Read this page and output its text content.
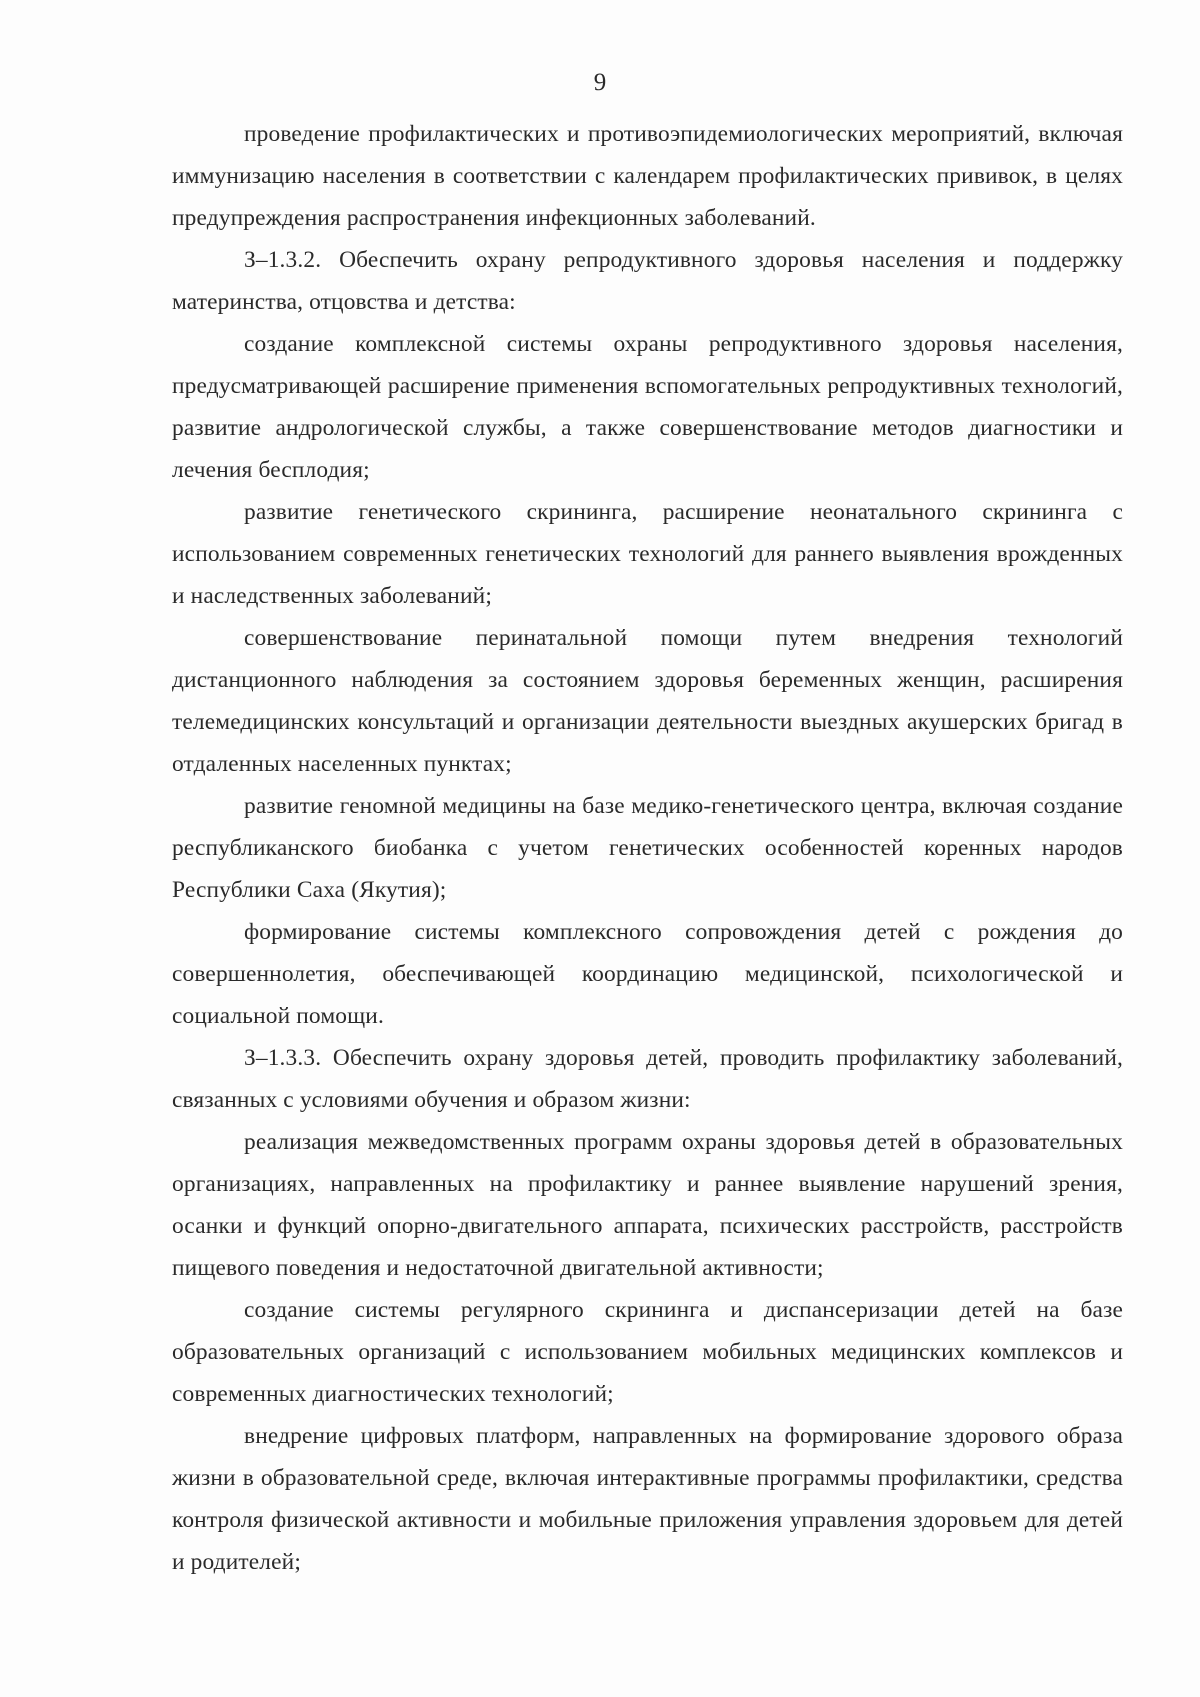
9

проведение профилактических и противоэпидемиологических мероприятий, включая иммунизацию населения в соответствии с календарем профилактических прививок, в целях предупреждения распространения инфекционных заболеваний.

З–1.3.2. Обеспечить охрану репродуктивного здоровья населения и поддержку материнства, отцовства и детства:

создание комплексной системы охраны репродуктивного здоровья населения, предусматривающей расширение применения вспомогательных репродуктивных технологий, развитие андрологической службы, а также совершенствование методов диагностики и лечения бесплодия;

развитие генетического скрининга, расширение неонатального скрининга с использованием современных генетических технологий для раннего выявления врожденных и наследственных заболеваний;

совершенствование перинатальной помощи путем внедрения технологий дистанционного наблюдения за состоянием здоровья беременных женщин, расширения телемедицинских консультаций и организации деятельности выездных акушерских бригад в отдаленных населенных пунктах;

развитие геномной медицины на базе медико-генетического центра, включая создание республиканского биобанка с учетом генетических особенностей коренных народов Республики Саха (Якутия);

формирование системы комплексного сопровождения детей с рождения до совершеннолетия, обеспечивающей координацию медицинской, психологической и социальной помощи.

З–1.3.3. Обеспечить охрану здоровья детей, проводить профилактику заболеваний, связанных с условиями обучения и образом жизни:

реализация межведомственных программ охраны здоровья детей в образовательных организациях, направленных на профилактику и раннее выявление нарушений зрения, осанки и функций опорно-двигательного аппарата, психических расстройств, расстройств пищевого поведения и недостаточной двигательной активности;

создание системы регулярного скрининга и диспансеризации детей на базе образовательных организаций с использованием мобильных медицинских комплексов и современных диагностических технологий;

внедрение цифровых платформ, направленных на формирование здорового образа жизни в образовательной среде, включая интерактивные программы профилактики, средства контроля физической активности и мобильные приложения управления здоровьем для детей и родителей;
